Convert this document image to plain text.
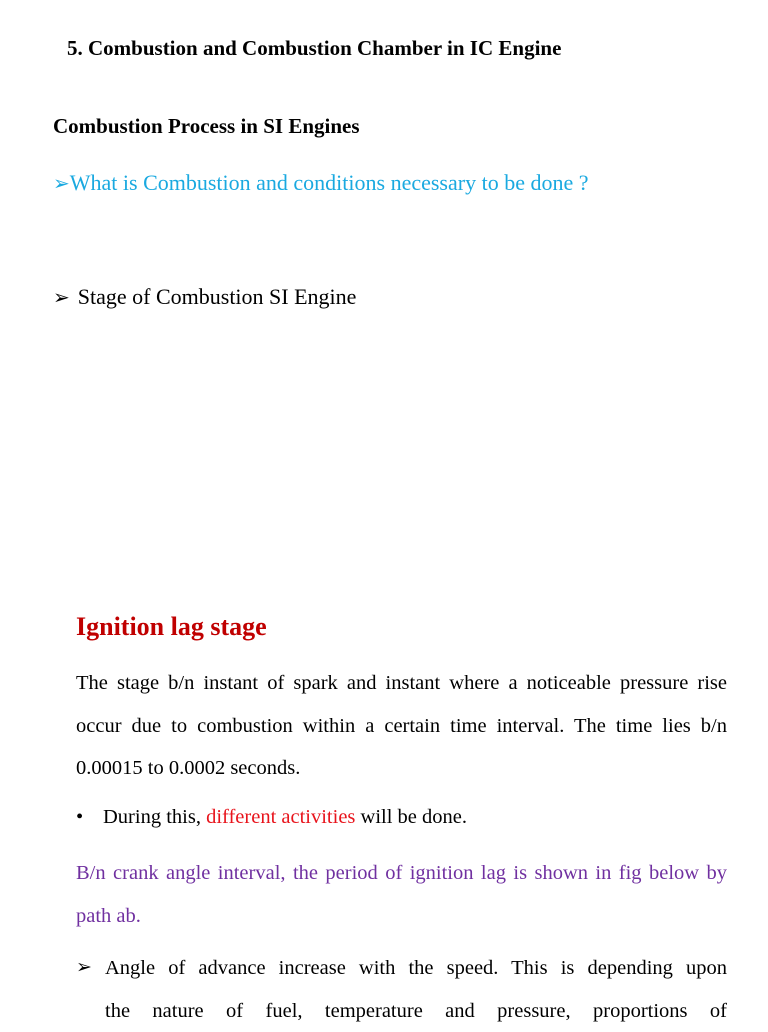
5. Combustion and Combustion Chamber in IC Engine
Combustion Process in SI Engines
➢What is Combustion and conditions necessary to be done ?
➢ Stage of Combustion SI Engine
Ignition lag stage
The stage b/n instant of spark and instant where a noticeable pressure rise occur due to combustion within a certain time interval. The time lies b/n 0.00015 to 0.0002 seconds.
• During this, different activities will be done.
B/n crank angle interval, the period of ignition lag is shown in fig below by path ab.
➢ Angle of advance increase with the speed. This is depending upon
the nature of fuel, temperature and pressure, proportions of
